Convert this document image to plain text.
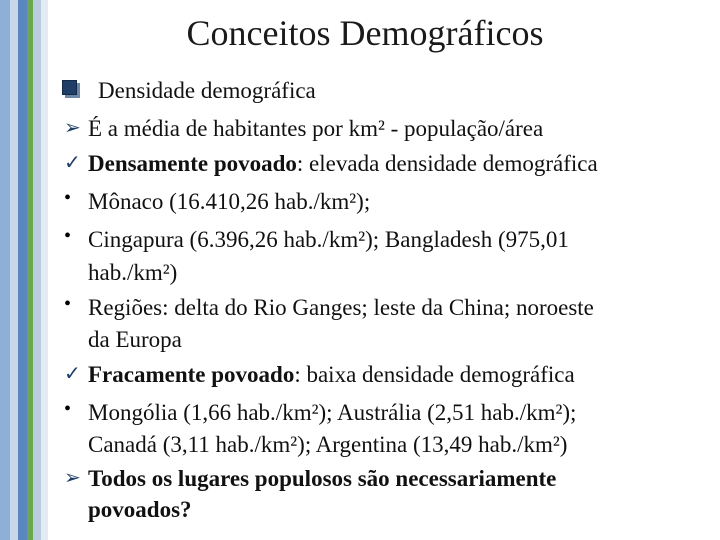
Conceitos Demográficos
Densidade demográfica
➢ É a média de habitantes por km² - população/área
✓ Densamente povoado: elevada densidade demográfica
• Mônaco (16.410,26 hab./km²);
• Cingapura (6.396,26 hab./km²); Bangladesh (975,01
hab./km²)
• Regiões: delta do Rio Ganges; leste da China; noroeste
da Europa
✓ Fracamente povoado: baixa densidade demográfica
• Mongólia (1,66 hab./km²); Austrália (2,51 hab./km²);
Canadá (3,11 hab./km²); Argentina (13,49 hab./km²)
➢ Todos os lugares populosos são necessariamente
povoados?
